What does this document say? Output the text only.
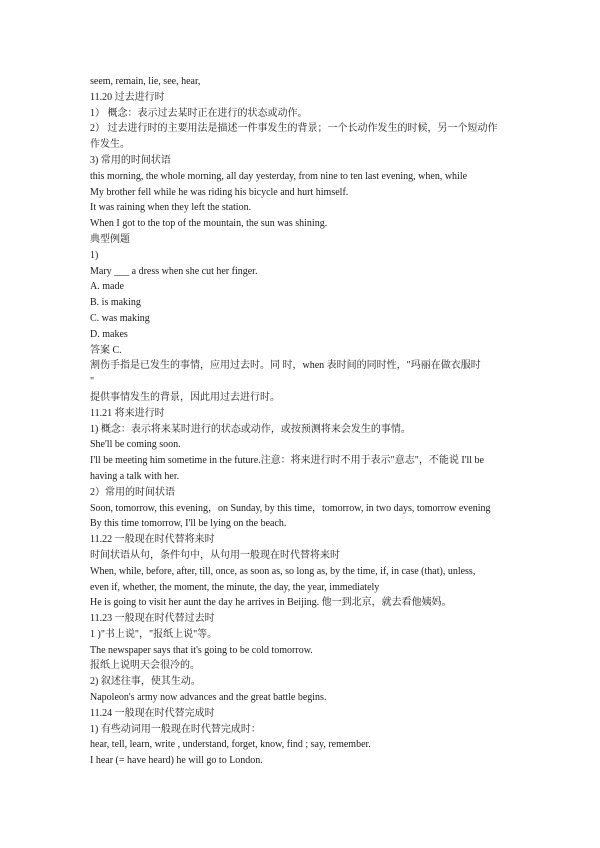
seem, remain, lie, see, hear,
11.20 过去进行时
1） 概念：表示过去某时正在进行的状态或动作。
2） 过去进行时的主要用法是描述一件事发生的背景；一个长动作发生的时候，另一个短动作
作发生。
3) 常用的时间状语
this morning, the whole morning, all day yesterday, from nine to ten last evening, when, while
My brother fell while he was riding his bicycle and hurt himself.
It was raining when they left the station.
When I got to the top of the mountain, the sun was shining.
典型例题
1)
Mary ___ a dress when she cut her finger.
A. made
B. is making
C. was making
D. makes
答案 C.
割伤手指是已发生的事情，应用过去时。同 时，when 表时间的同时性，"玛丽在做衣服时
"
提供事情发生的背景，因此用过去进行时。
11.21 将来进行时
1) 概念：表示将来某时进行的状态或动作，或按预测将来会发生的事情。
She'll be coming soon.
I'll be meeting him sometime in the future.注意：将来进行时不用于表示"意志"，不能说 I'll be
having a talk with her.
2）常用的时间状语
Soon, tomorrow, this evening，on Sunday, by this time，tomorrow, in two days, tomorrow evening
By this time tomorrow, I'll be lying on the beach.
11.22 一般现在时代替将来时
时间状语从句，条件句中，从句用一般现在时代替将来时
When, while, before, after, till, once, as soon as, so long as, by the time, if, in case (that), unless,
even if, whether, the moment, the minute, the day, the year, immediately
He is going to visit her aunt the day he arrives in Beijing. 他一到北京，就去看他姨妈。
11.23 一般现在时代替过去时
1 )"书上说"，"报纸上说"等。
The newspaper says that it's going to be cold tomorrow.
报纸上说明天会很冷的。
2) 叙述往事，使其生动。
Napoleon's army now advances and the great battle begins.
11.24 一般现在时代替完成时
1) 有些动词用一般现在时代替完成时：
hear, tell, learn, write , understand, forget, know, find ; say, remember.
I hear (= have heard) he will go to London.
